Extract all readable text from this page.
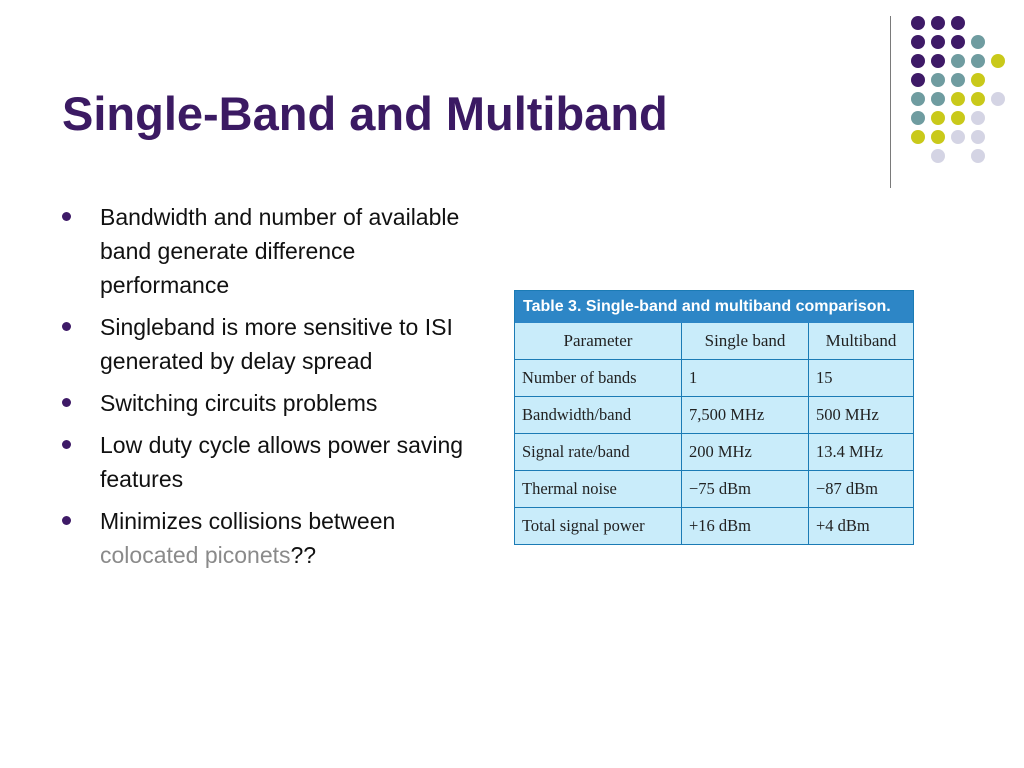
Single-Band and Multiband
Bandwidth and number of available band generate difference performance
Singleband is more sensitive to ISI generated by delay spread
Switching circuits problems
Low duty cycle allows power saving features
Minimizes collisions between colocated piconets??
Table 3. Single-band and multiband comparison.
Parameter	Single band	Multiband
Number of bands	1	15
Bandwidth/band	7,500 MHz	500 MHz
Signal rate/band	200 MHz	13.4 MHz
Thermal noise	−75 dBm	−87 dBm
Total signal power	+16 dBm	+4 dBm
